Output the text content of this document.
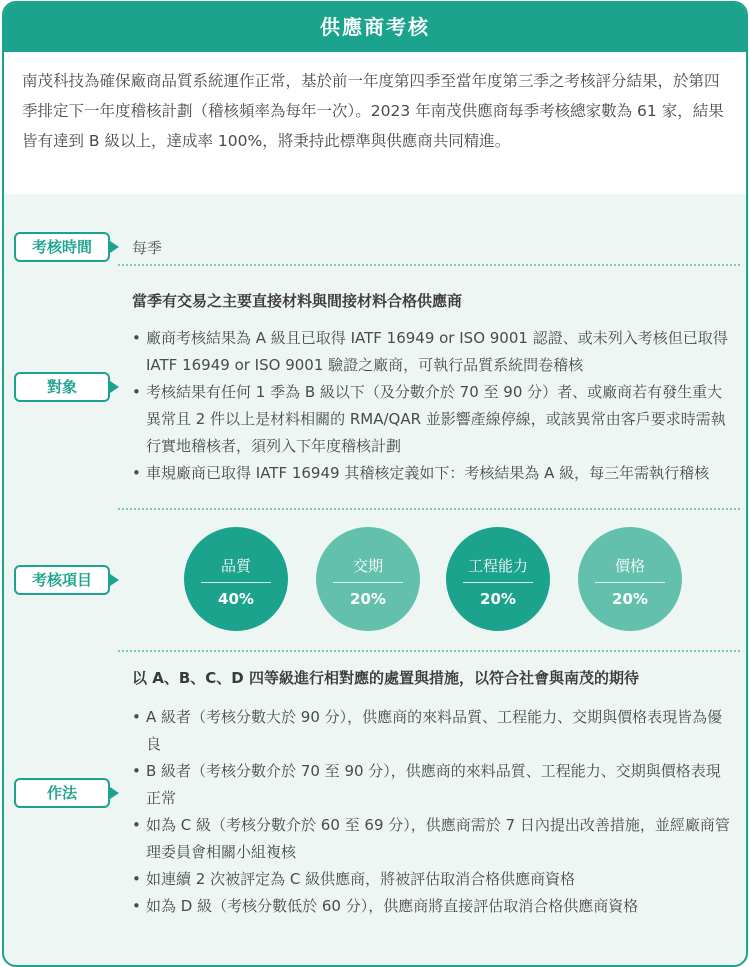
供應商考核
南茂科技為確保廠商品質系統運作正常，基於前一年度第四季至當年度第三季之考核評分結果，於第四季排定下一年度稽核計劃（稽核頻率為每年一次）。2023 年南茂供應商每季考核總家數為 61 家，結果皆有達到 B 級以上，達成率 100%，將秉持此標準與供應商共同精進。
考核時間	每季
當季有交易之主要直接材料與間接材料合格供應商
對象
• 廠商考核結果為 A 級且已取得 IATF 16949 or ISO 9001 認證、或未列入考核但已取得 IATF 16949 or ISO 9001 驗證之廠商，可執行品質系統問卷稽核
• 考核結果有任何 1 季為 B 級以下（及分數介於 70 至 90 分）者、或廠商若有發生重大異常且 2 件以上是材料相關的 RMA/QAR 並影響產線停線，或該異常由客戶要求時需執行實地稽核者，須列入下年度稽核計劃
• 車規廠商已取得 IATF 16949 其稽核定義如下：考核結果為 A 級，每三年需執行稽核
考核項目
品質
40%
交期
20%
工程能力
20%
價格
20%
以 A、B、C、D 四等級進行相對應的處置與措施，以符合社會與南茂的期待
作法
• A 級者（考核分數大於 90 分），供應商的來料品質、工程能力、交期與價格表現皆為優良
• B 級者（考核分數介於 70 至 90 分），供應商的來料品質、工程能力、交期與價格表現正常
• 如為 C 級（考核分數介於 60 至 69 分），供應商需於 7 日內提出改善措施，並經廠商管理委員會相關小組複核
• 如連續 2 次被評定為 C 級供應商，將被評估取消合格供應商資格
• 如為 D 級（考核分數低於 60 分），供應商將直接評估取消合格供應商資格
